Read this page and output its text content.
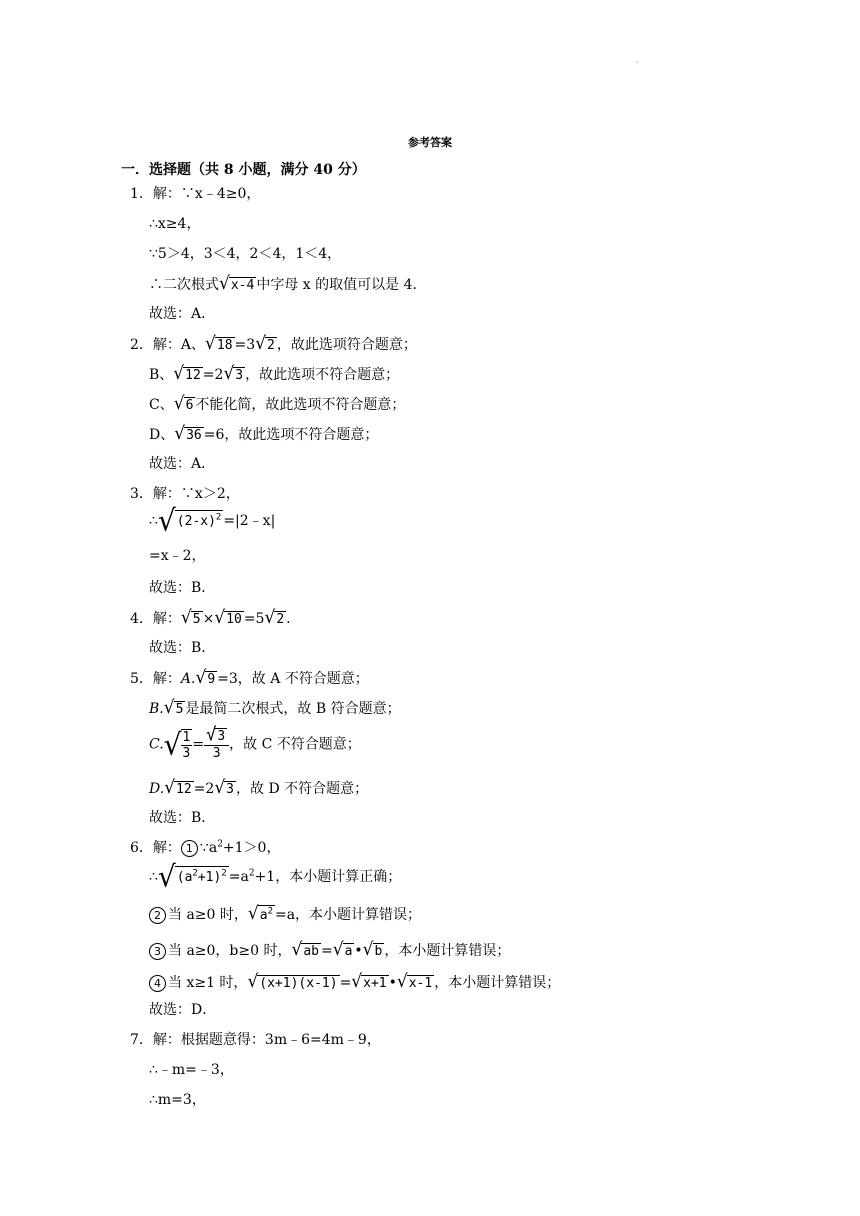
·
参考答案
一．选择题（共 8 小题，满分 40 分）
1．解：∵x﹣4≥0，
∴x≥4，
∵5＞4，3＜4，2＜4，1＜4，
∴二次根式√x-4 中字母 x 的取值可以是 4．
故选：A．
2．解：A、√18 =3√2 ，故此选项符合题意；
B、√12 =2√3 ，故此选项不符合题意；
C、√6 不能化简，故此选项不符合题意；
D、√36 =6，故此选项不符合题意；
故选：A．
3．解：∵x＞2，
$\therefore√(2-x)^2$ =|2﹣x|
=x﹣2，
故选：B．
4．解：√5 ×√10 =5√2 .
故选：B．
5．解：A.√9 =3，故 A 不符合题意；
B.√5 是最简二次根式，故 B 符合题意；
$C.√ \frac{1}{3} = \frac{√3}{3}$ ，故 C 不符合题意；
D.√12 =2√3 ，故 D 不符合题意；
故选：B．
6．解： 1 $\because a^2+1>0$，
$\therefore√(a^2+1)^2 =a^2+1$，本小题计算正确；
2 当 a≥0 时，$√a^2 =a$，本小题计算错误；
3 当 a≥0，b≥0 时，√ab =√a •√b ，本小题计算错误；
4 当 x≥1 时，√(x+1)(x-1) =√x+1 •√x-1 ，本小题计算错误；
故选：D．
7．解：根据题意得：3m﹣6=4m﹣9，
∴﹣m=﹣3，
∴m=3，
